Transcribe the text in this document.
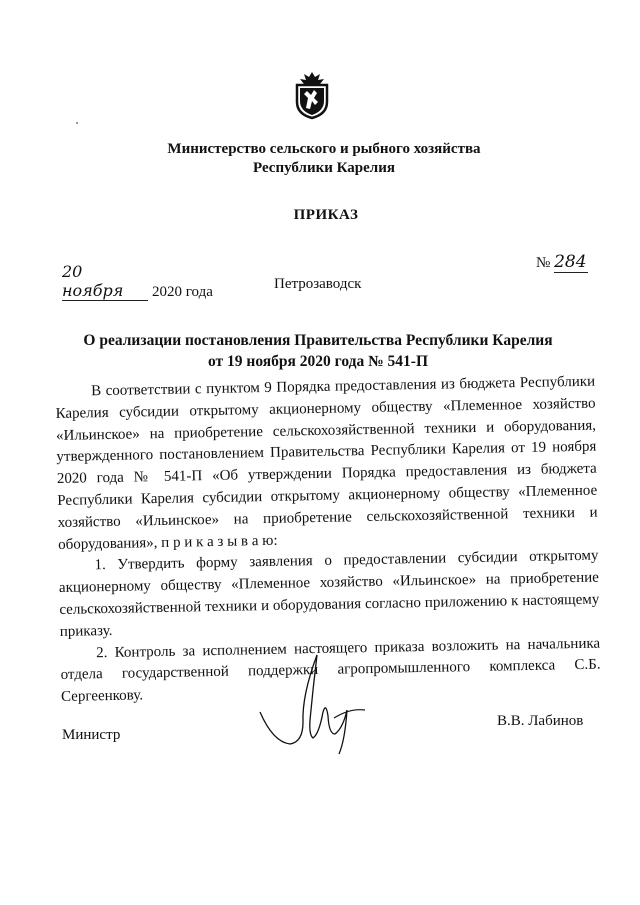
Министерство сельского и рыбного хозяйства
Республики Карелия
ПРИКАЗ
20 ноября 2020 года
№ 284
Петрозаводск
О реализации постановления Правительства Республики Карелия
от 19 ноября 2020 года № 541-П

В соответствии с пунктом 9 Порядка предоставления из бюджета Республики Карелия субсидии открытому акционерному обществу «Племенное хозяйство «Ильинское» на приобретение сельскохозяйственной техники и оборудования, утвержденного постановлением Правительства Республики Карелия от 19 ноября 2020 года № 541-П «Об утверждении Порядка предоставления из бюджета Республики Карелия субсидии открытому акционерному обществу «Племенное хозяйство «Ильинское» на приобретение сельскохозяйственной техники и оборудования», п р и к а з ы в а ю:

1. Утвердить форму заявления о предоставлении субсидии открытому акционерному обществу «Племенное хозяйство «Ильинское» на приобретение сельскохозяйственной техники и оборудования согласно приложению к настоящему приказу.

2. Контроль за исполнением настоящего приказа возложить на начальника отдела государственной поддержки агропромышленного комплекса С.Б. Сергеенкову.

Министр
В.В. Лабинов
